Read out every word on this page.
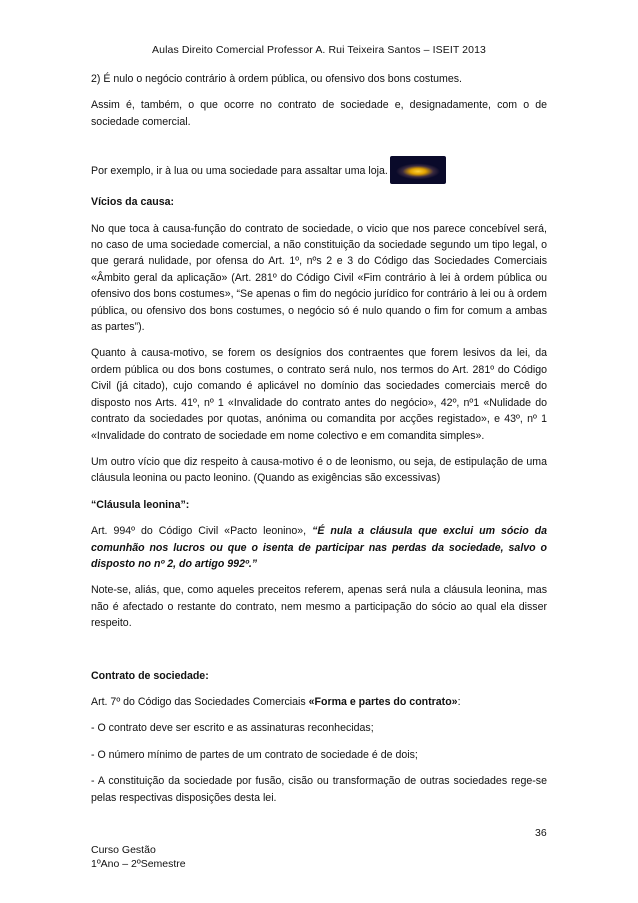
Aulas Direito Comercial Professor A. Rui Teixeira Santos – ISEIT 2013

2) É nulo o negócio contrário à ordem pública, ou ofensivo dos bons costumes.

Assim é, também, o que ocorre no contrato de sociedade e, designadamente, com o de sociedade comercial.

Por exemplo, ir à lua ou uma sociedade para assaltar uma loja.

Vícios da causa:

No que toca à causa-função do contrato de sociedade, o vicio que nos parece concebível será, no caso de uma sociedade comercial, a não constituição da sociedade segundo um tipo legal, o que gerará nulidade, por ofensa do Art. 1º, nºs 2 e 3 do Código das Sociedades Comerciais «Âmbito geral da aplicação» (Art. 281º do Código Civil «Fim contrário à lei à ordem pública ou ofensivo dos bons costumes», “Se apenas o fim do negócio jurídico for contrário à lei ou à ordem pública, ou ofensivo dos bons costumes, o negócio só é nulo quando o fim for comum a ambas as partes”).

Quanto à causa-motivo, se forem os desígnios dos contraentes que forem lesivos da lei, da ordem pública ou dos bons costumes, o contrato será nulo, nos termos do Art. 281º do Código Civil (já citado), cujo comando é aplicável no domínio das sociedades comerciais mercê do disposto nos Arts. 41º, nº 1 «Invalidade do contrato antes do negócio», 42º, nº1 «Nulidade do contrato da sociedades por quotas, anónima ou comandita por acções registado», e 43º, nº 1 «Invalidade do contrato de sociedade em nome colectivo e em comandita simples».

Um outro vício que diz respeito à causa-motivo é o de leonismo, ou seja, de estipulação de uma cláusula leonina ou pacto leonino. (Quando as exigências são excessivas)

“Cláusula leonina”:

Art. 994º do Código Civil «Pacto leonino», “É nula a cláusula que exclui um sócio da comunhão nos lucros ou que o isenta de participar nas perdas da sociedade, salvo o disposto no nº 2, do artigo 992º.”

Note-se, aliás, que, como aqueles preceitos referem, apenas será nula a cláusula leonina, mas não é afectado o restante do contrato, nem mesmo a participação do sócio ao qual ela disser respeito.

Contrato de sociedade:

Art. 7º do Código das Sociedades Comerciais «Forma e partes do contrato»:

- O contrato deve ser escrito e as assinaturas reconhecidas;

- O número mínimo de partes de um contrato de sociedade é de dois;

- A constituição da sociedade por fusão, cisão ou transformação de outras sociedades rege-se pelas respectivas disposições desta lei.

36
Curso Gestão
1ºAno – 2ºSemestre
